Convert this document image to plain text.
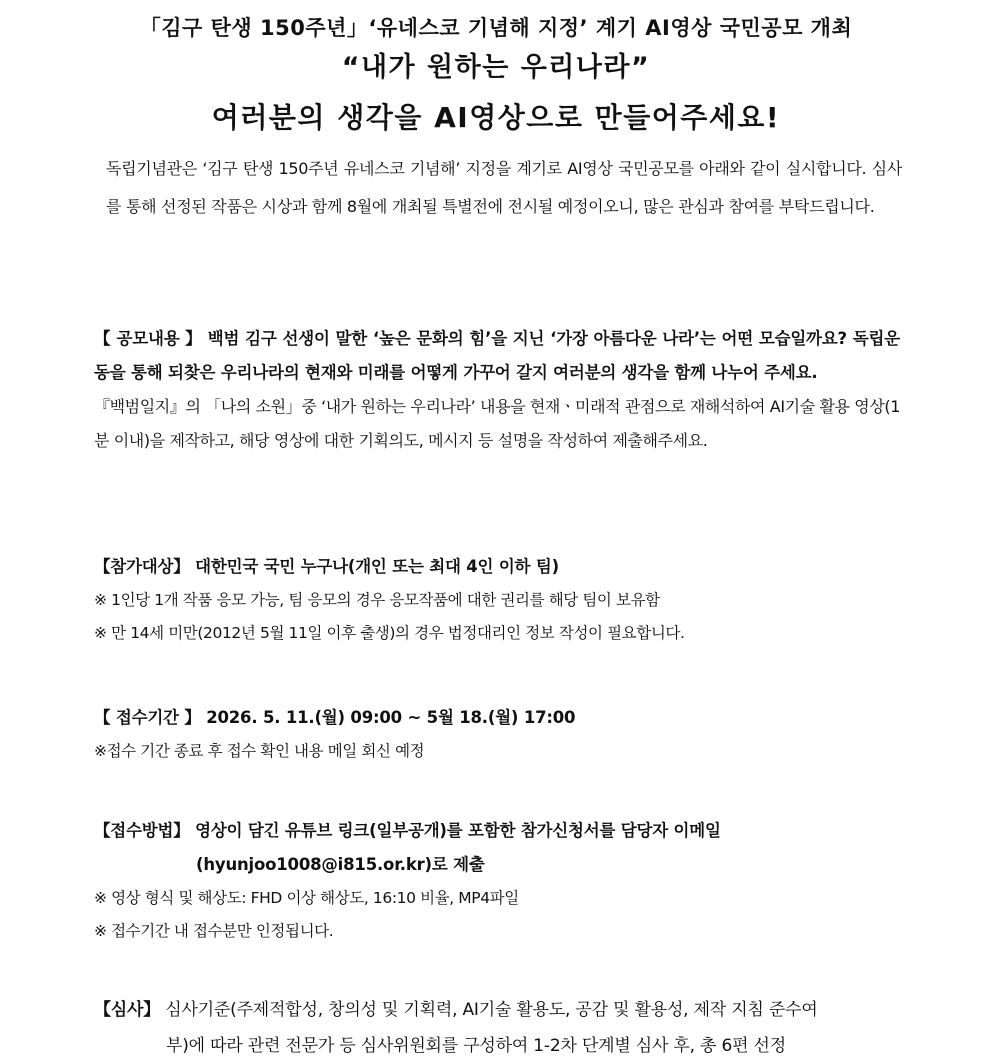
「김구 탄생 150주년」‘유네스코 기념해 지정’ 계기 AI영상 국민공모 개최
“내가 원하는 우리나라”
여러분의 생각을 AI영상으로 만들어주세요!
독립기념관은 ‘김구 탄생 150주년 유네스코 기념해’ 지정을 계기로 AI영상 국민공모를 아래와 같이 실시합니다. 심사를 통해 선정된 작품은 시상과 함께 8월에 개최될 특별전에 전시될 예정이오니, 많은 관심과 참여를 부탁드립니다.
【 공모내용 】 백범 김구 선생이 말한 ‘높은 문화의 힘’을 지닌 ‘가장 아름다운 나라’는 어떤 모습일까요? 독립운동을 통해 되찾은 우리나라의 현재와 미래를 어떻게 가꾸어 갈지 여러분의 생각을 함께 나누어 주세요.
『백범일지』의 「나의 소원」중 ‘내가 원하는 우리나라’ 내용을 현재ㆍ미래적 관점으로 재해석하여 AI기술 활용 영상(1분 이내)을 제작하고, 해당 영상에 대한 기획의도, 메시지 등 설명을 작성하여 제출해주세요.
【참가대상】 대한민국 국민 누구나(개인 또는 최대 4인 이하 팀)
※ 1인당 1개 작품 응모 가능, 팀 응모의 경우 응모작품에 대한 권리를 해당 팀이 보유함
※ 만 14세 미만(2012년 5월 11일 이후 출생)의 경우 법정대리인 정보 작성이 필요합니다.
【 접수기간 】 2026. 5. 11.(월) 09:00 ~ 5월 18.(월) 17:00
※접수 기간 종료 후 접수 확인 내용 메일 회신 예정
【접수방법】 영상이 담긴 유튜브 링크(일부공개)를 포함한 참가신청서를 담당자 이메일
(hyunjoo1008@i815.or.kr)로 제출
※ 영상 형식 및 해상도: FHD 이상 해상도, 16:10 비율, MP4파일
※ 접수기간 내 접수분만 인정됩니다.
【심사】 심사기준(주제적합성, 창의성 및 기획력, AI기술 활용도, 공감 및 활용성, 제작 지침 준수여
부)에 따라 관련 전문가 등 심사위원회를 구성하여 1-2차 단계별 심사 후, 총 6편 선정
